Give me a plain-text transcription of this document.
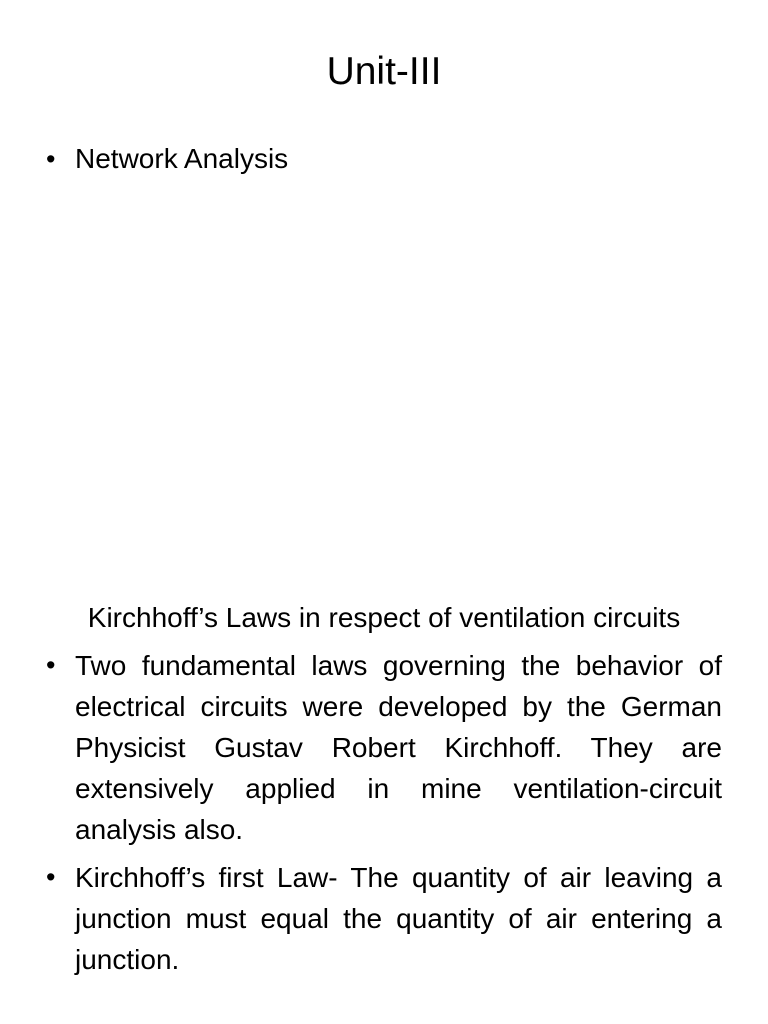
Unit-III
• Network Analysis
Kirchhoff’s Laws in respect of ventilation circuits
• Two fundamental laws governing the behavior of electrical circuits were developed by the German Physicist Gustav Robert Kirchhoff. They are extensively applied in mine ventilation-circuit analysis also.
• Kirchhoff’s first Law- The quantity of air leaving a junction must equal the quantity of air entering a junction.
